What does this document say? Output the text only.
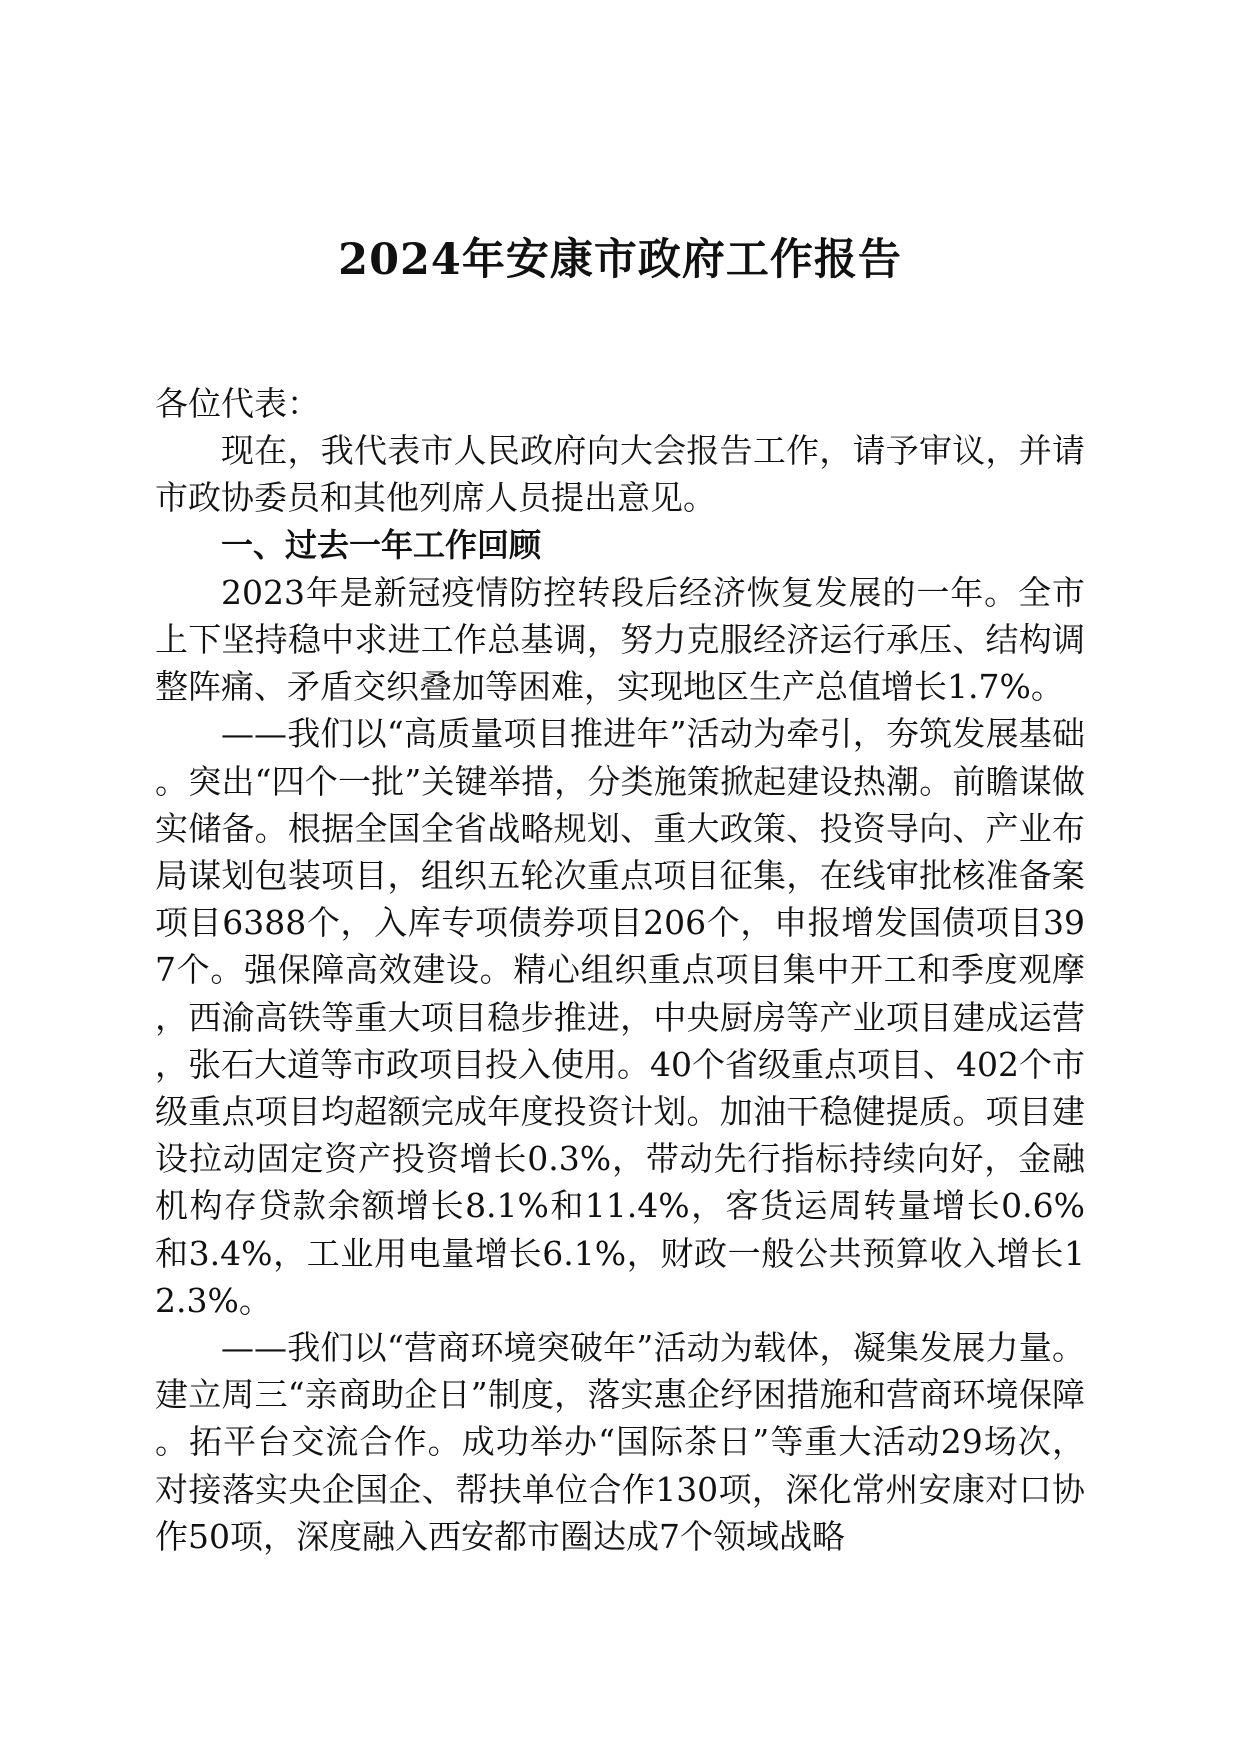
2024年安康市政府工作报告

各位代表：

现在，我代表市人民政府向大会报告工作，请予审议，并请市政协委员和其他列席人员提出意见。

一、过去一年工作回顾

2023年是新冠疫情防控转段后经济恢复发展的一年。全市上下坚持稳中求进工作总基调，努力克服经济运行承压、结构调整阵痛、矛盾交织叠加等困难，实现地区生产总值增长1.7%。

——我们以“高质量项目推进年”活动为牵引，夯筑发展基础。突出“四个一批”关键举措，分类施策掀起建设热潮。前瞻谋做实储备。根据全国全省战略规划、重大政策、投资导向、产业布局谋划包装项目，组织五轮次重点项目征集，在线审批核准备案项目6388个，入库专项债券项目206个，申报增发国债项目397个。强保障高效建设。精心组织重点项目集中开工和季度观摩，西渝高铁等重大项目稳步推进，中央厨房等产业项目建成运营，张石大道等市政项目投入使用。40个省级重点项目、402个市级重点项目均超额完成年度投资计划。加油干稳健提质。项目建设拉动固定资产投资增长0.3%，带动先行指标持续向好，金融机构存贷款余额增长8.1%和11.4%，客货运周转量增长0.6%和3.4%，工业用电量增长6.1%，财政一般公共预算收入增长12.3%。

——我们以“营商环境突破年”活动为载体，凝集发展力量。建立周三“亲商助企日”制度，落实惠企纾困措施和营商环境保障。拓平台交流合作。成功举办“国际茶日”等重大活动29场次，对接落实央企国企、帮扶单位合作130项，深化常州安康对口协作50项，深度融入西安都市圈达成7个领域战略
